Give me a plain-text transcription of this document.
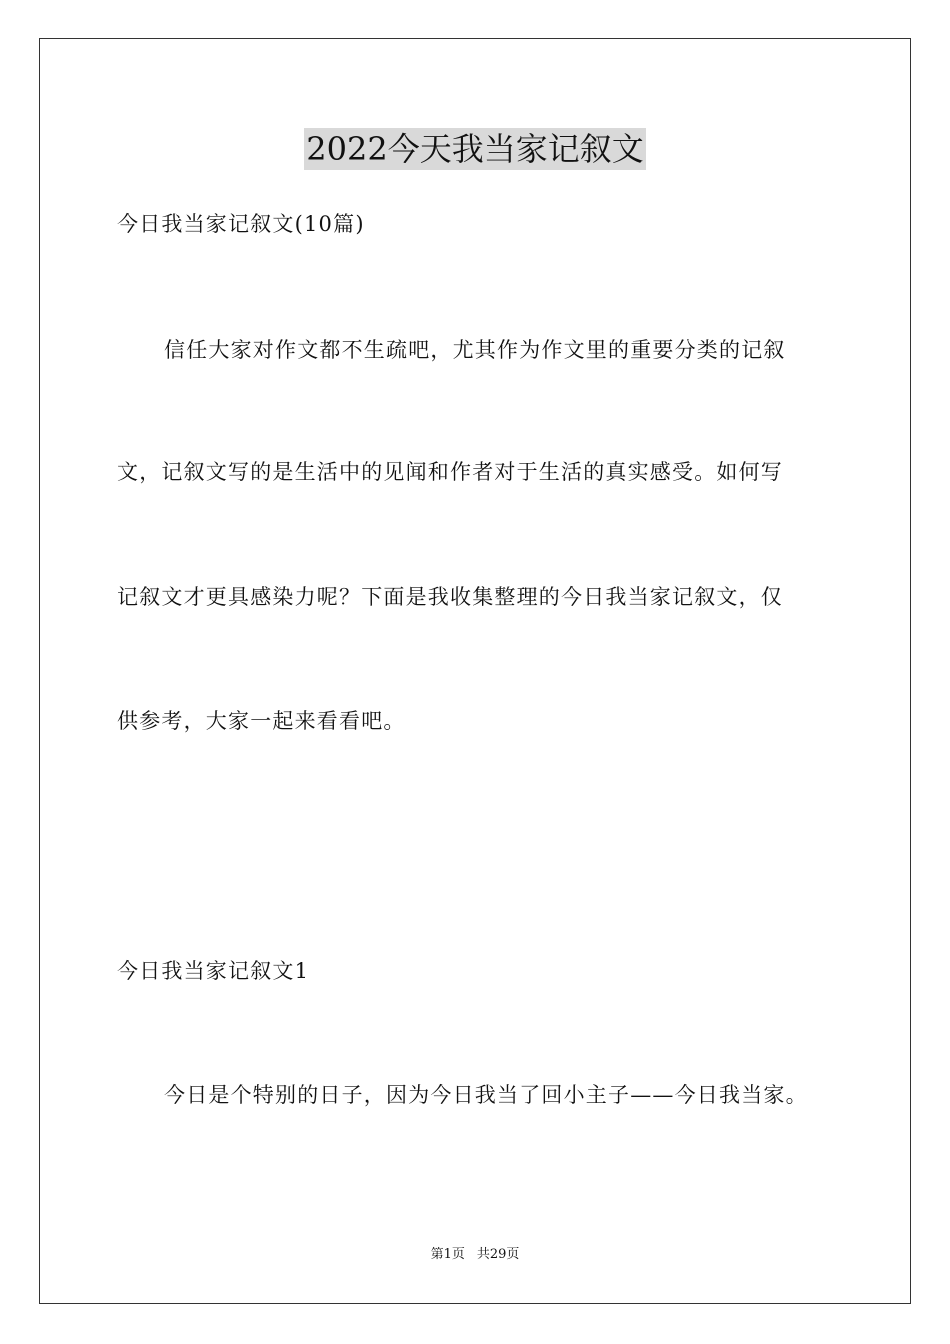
2022今天我当家记叙文
今日我当家记叙文(10篇)
信任大家对作文都不生疏吧，尤其作为作文里的重要分类的记叙
文，记叙文写的是生活中的见闻和作者对于生活的真实感受。如何写
记叙文才更具感染力呢？下面是我收集整理的今日我当家记叙文，仅
供参考，大家一起来看看吧。
今日我当家记叙文1
今日是个特别的日子，因为今日我当了回小主子——今日我当家。
第1页 共29页
